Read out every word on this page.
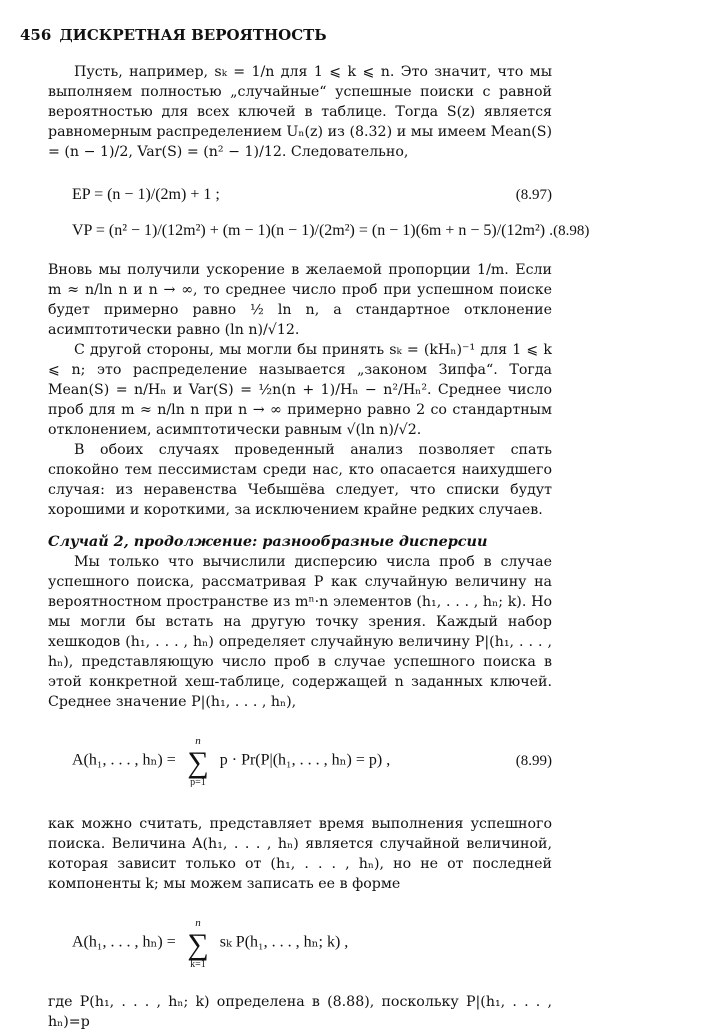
456 ДИСКРЕТНАЯ ВЕРОЯТНОСТЬ

Пусть, например, sₖ = 1/n для 1 ⩽ k ⩽ n. Это значит, что мы выполняем полностью „случайные“ успешные поиски с равной вероятностью для всех ключей в таблице. Тогда S(z) является равномерным распределением Uₙ(z) из (8.32) и мы имеем Mean(S) = (n − 1)/2, Var(S) = (n² − 1)/12. Следовательно,

EP = (n − 1)/(2m) + 1 ;	(8.97)
VP = (n² − 1)/(12m²) + (m − 1)(n − 1)/(2m²) = (n − 1)(6m + n − 5)/(12m²) . (8.98)

Вновь мы получили ускорение в желаемой пропорции 1/m. Если m ≈ n/ln n и n → ∞, то среднее число проб при успешном поиске будет примерно равно ½ ln n, а стандартное отклонение асимптотически равно (ln n)/√12.

С другой стороны, мы могли бы принять sₖ = (kHₙ)⁻¹ для 1 ⩽ k ⩽ n; это распределение называется „законом Зипфа“. Тогда Mean(S) = n/Hₙ и Var(S) = ½n(n + 1)/Hₙ − n²/Hₙ². Среднее число проб для m ≈ n/ln n при n → ∞ примерно равно 2 со стандартным отклонением, асимптотически равным √(ln n)/√2.

В обоих случаях проведенный анализ позволяет спать спокойно тем пессимистам среди нас, кто опасается наихудшего случая: из неравенства Чебышёва следует, что списки будут хорошими и короткими, за исключением крайне редких случаев.

Случай 2, продолжение: разнообразные дисперсии

Мы только что вычислили дисперсию числа проб в случае успешного поиска, рассматривая P как случайную величину на вероятностном пространстве из mⁿ·n элементов (h₁, . . . , hₙ; k). Но мы могли бы встать на другую точку зрения. Каждый набор хешкодов (h₁, . . . , hₙ) определяет случайную величину P|(h₁, . . . , hₙ), представляющую число проб в случае успешного поиска в этой конкретной хеш-таблице, содержащей n заданных ключей. Среднее значение P|(h₁, . . . , hₙ),

A(h₁, . . . , hₙ) =
n
∑
p=1
p · Pr(P|(h₁, . . . , hₙ) = p) ,	(8.99)

как можно считать, представляет время выполнения успешного поиска. Величина A(h₁, . . . , hₙ) является случайной величиной, которая зависит только от (h₁, . . . , hₙ), но не от последней компоненты k; мы можем записать ее в форме

A(h₁, . . . , hₙ) =
n
∑
k=1
sₖ P(h₁, . . . , hₙ; k) ,

где P(h₁, . . . , hₙ; k) определена в (8.88), поскольку P|(h₁, . . . , hₙ)=p
